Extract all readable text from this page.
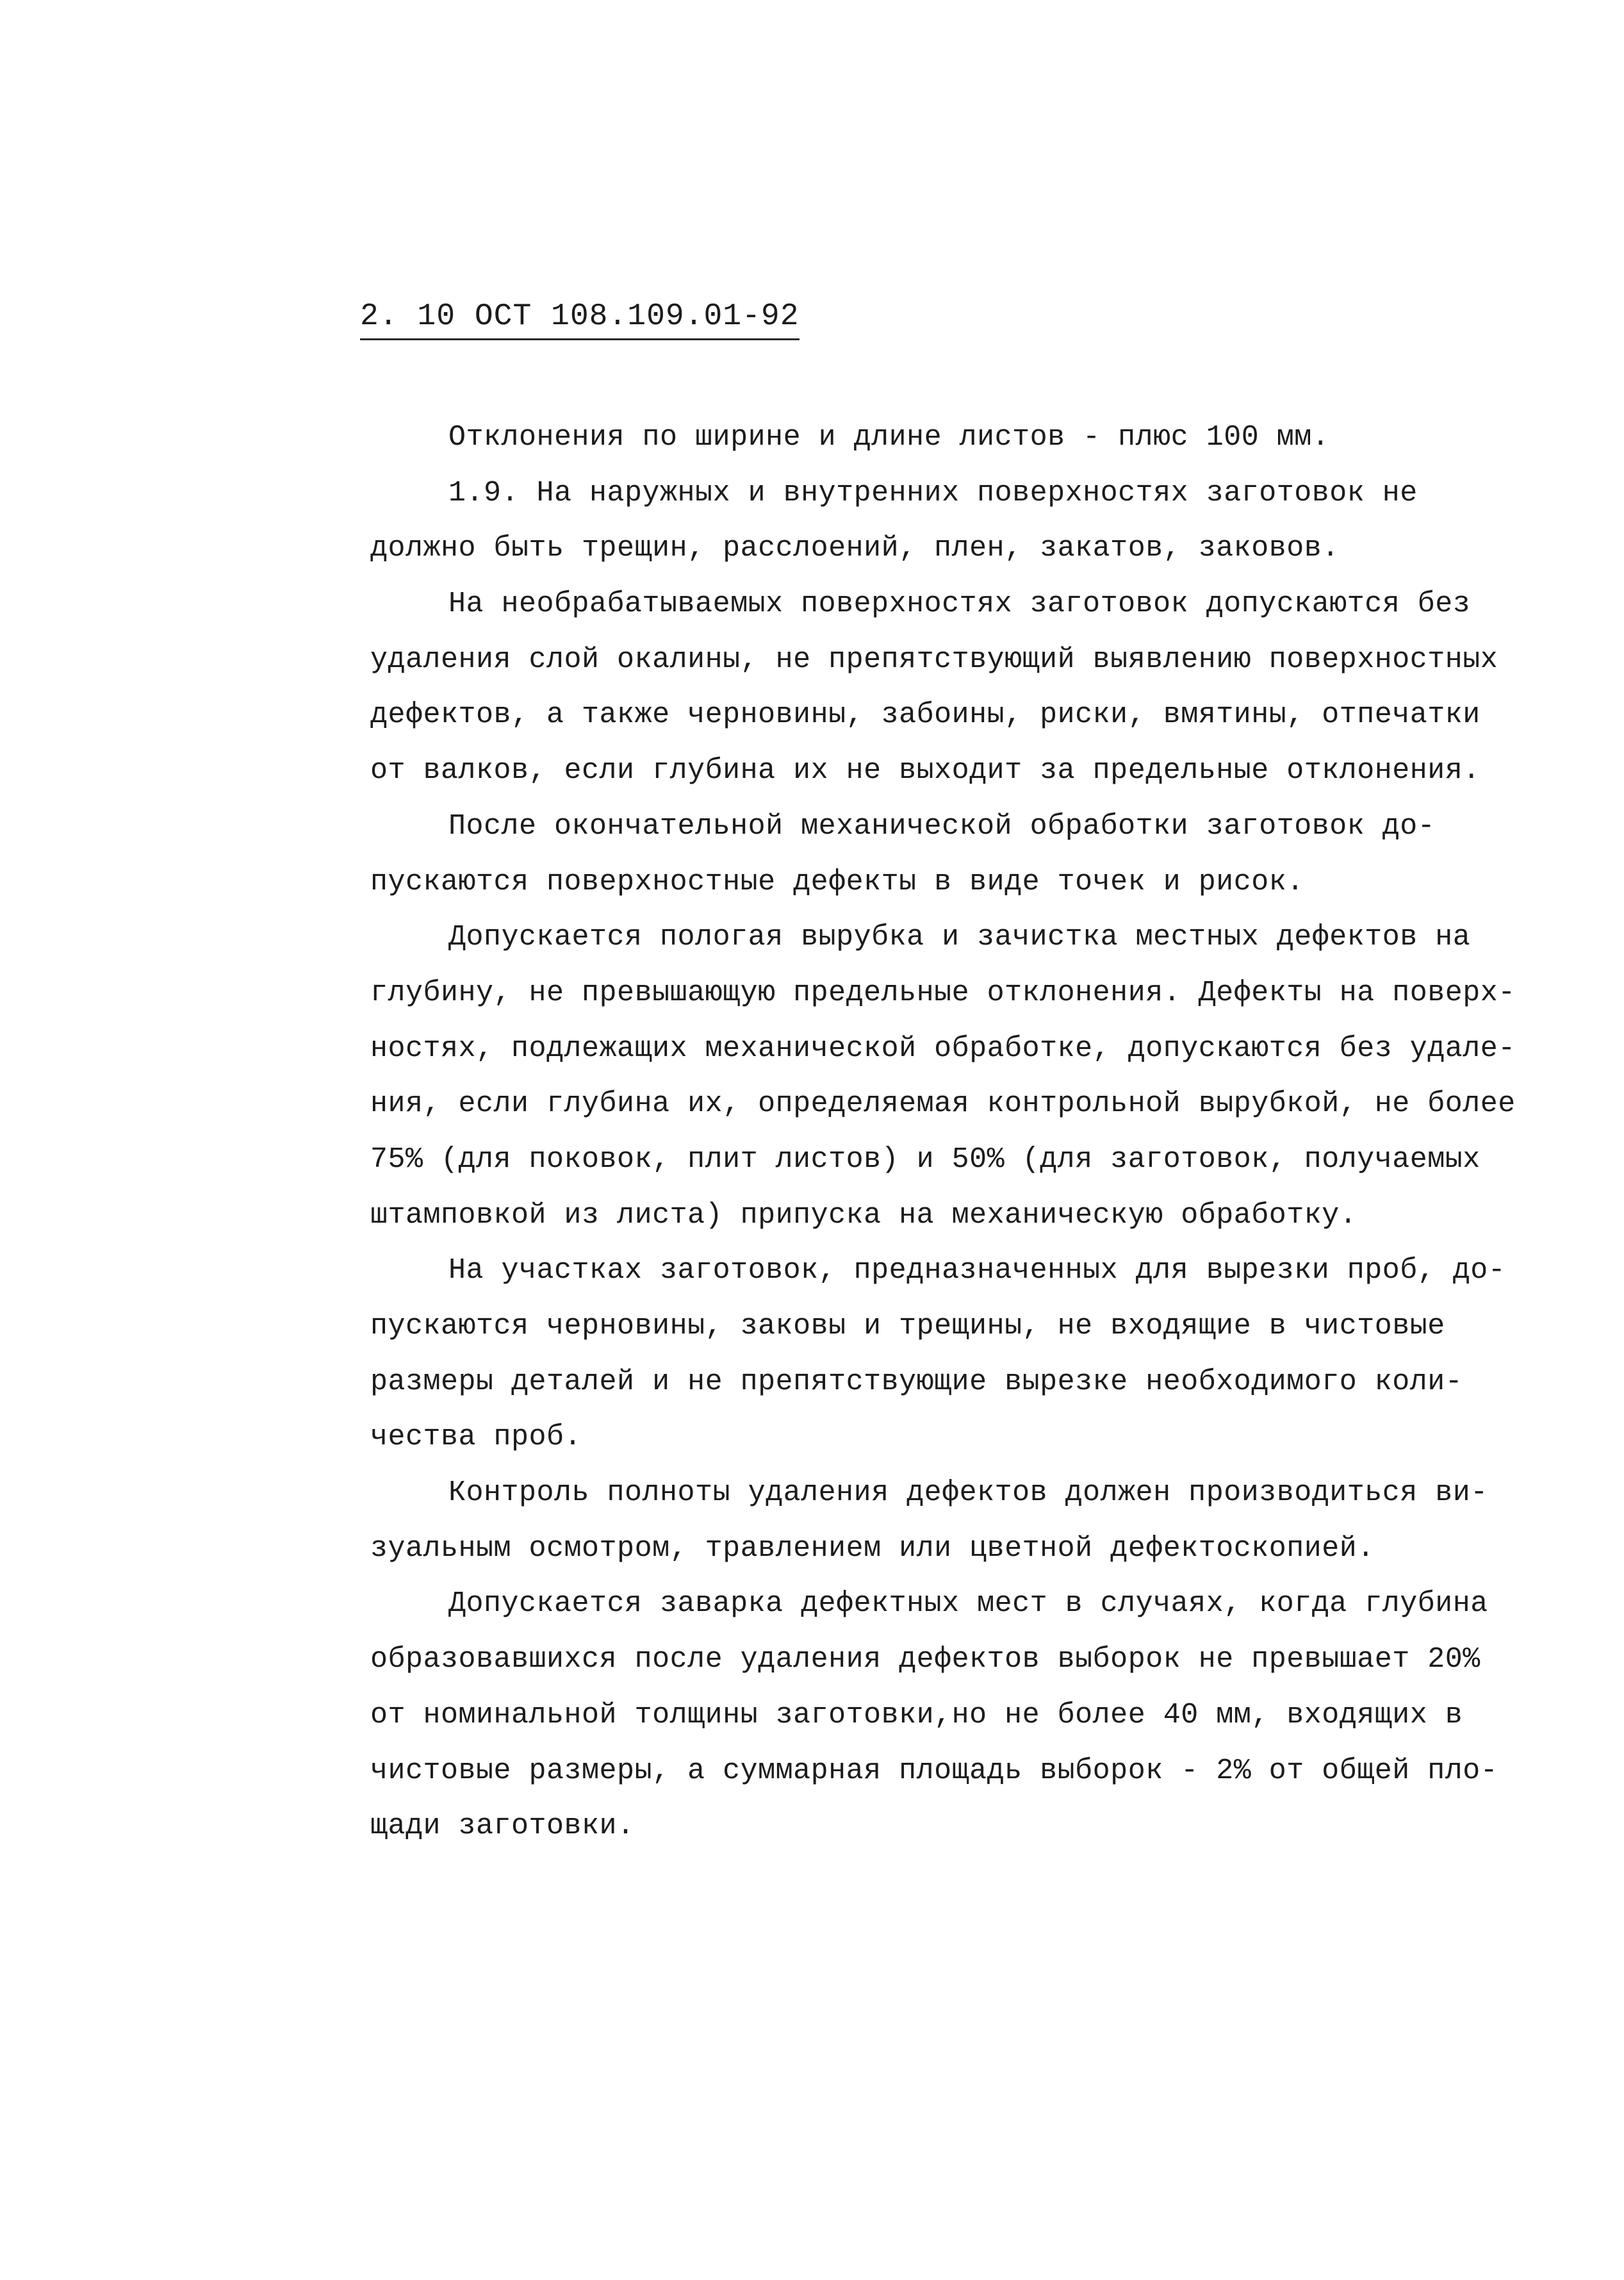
2. 10 ОСТ 108.109.01-92
Отклонения по ширине и длине листов - плюс 100 мм.
1.9. На наружных и внутренних поверхностях заготовок не
должно быть трещин, расслоений, плен, закатов, заковов.
На необрабатываемых поверхностях заготовок допускаются без
удаления слой окалины, не препятствующий выявлению поверхностных
дефектов, а также черновины, забоины, риски, вмятины, отпечатки
от валков, если глубина их не выходит за предельные отклонения.
После окончательной механической обработки заготовок до-
пускаются поверхностные дефекты в виде точек и рисок.
Допускается пологая вырубка и зачистка местных дефектов на
глубину, не превышающую предельные отклонения. Дефекты на поверх-
ностях, подлежащих механической обработке, допускаются без удале-
ния, если глубина их, определяемая контрольной вырубкой, не более
75% (для поковок, плит листов) и 50% (для заготовок, получаемых
штамповкой из листа) припуска на механическую обработку.
На участках заготовок, предназначенных для вырезки проб, до-
пускаются черновины, заковы и трещины, не входящие в чистовые
размеры деталей и не препятствующие вырезке необходимого коли-
чества проб.
Контроль полноты удаления дефектов должен производиться ви-
зуальным осмотром, травлением или цветной дефектоскопией.
Допускается заварка дефектных мест в случаях, когда глубина
образовавшихся после удаления дефектов выборок не превышает 20%
от номинальной толщины заготовки,но не более 40 мм, входящих в
чистовые размеры, а суммарная площадь выборок - 2% от общей пло-
щади заготовки.
